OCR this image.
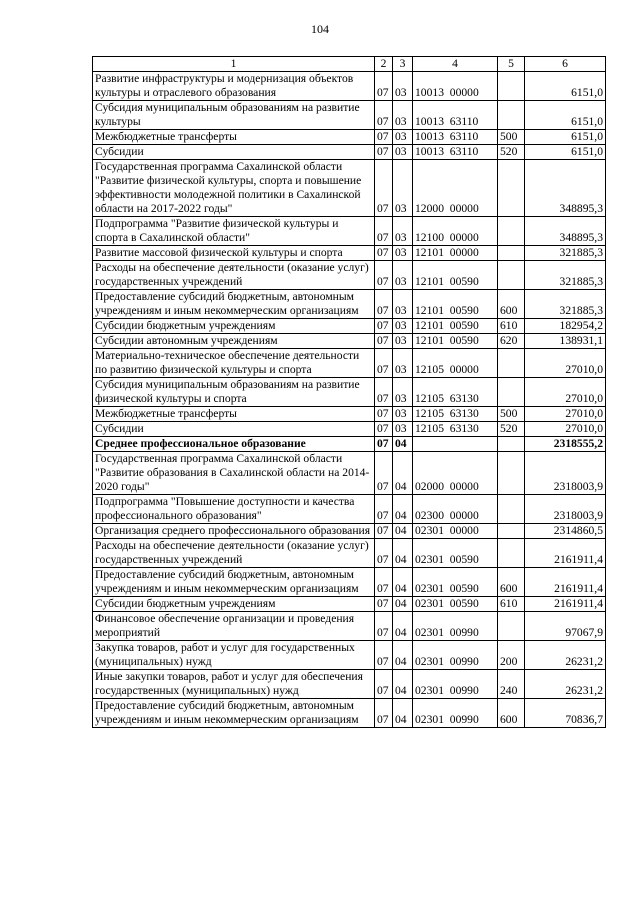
104
1	2	3	4	5	6
Развитие инфраструктуры и модернизация объектов культуры и отраслевого образования	07	03	10013  00000		6151,0
Субсидия муниципальным образованиям на развитие культуры	07	03	10013  63110		6151,0
Межбюджетные трансферты	07	03	10013  63110	500	6151,0
Субсидии	07	03	10013  63110	520	6151,0
Государственная программа Сахалинской области "Развитие физической культуры, спорта и повышение эффективности молодежной политики в Сахалинской области на 2017-2022 годы"	07	03	12000  00000		348895,3
Подпрограмма "Развитие физической культуры и спорта в Сахалинской области"	07	03	12100  00000		348895,3
Развитие массовой физической культуры и спорта	07	03	12101  00000		321885,3
Расходы на обеспечение деятельности (оказание услуг) государственных учреждений	07	03	12101  00590		321885,3
Предоставление субсидий бюджетным, автономным учреждениям и иным некоммерческим организациям	07	03	12101  00590	600	321885,3
Субсидии бюджетным учреждениям	07	03	12101  00590	610	182954,2
Субсидии автономным учреждениям	07	03	12101  00590	620	138931,1
Материально-техническое обеспечение деятельности по развитию физической культуры и спорта	07	03	12105  00000		27010,0
Субсидия муниципальным образованиям на развитие физической культуры и спорта	07	03	12105  63130		27010,0
Межбюджетные трансферты	07	03	12105  63130	500	27010,0
Субсидии	07	03	12105  63130	520	27010,0
Среднее профессиональное образование	07	04			2318555,2
Государственная программа Сахалинской области "Развитие образования в Сахалинской области на 2014-2020 годы"	07	04	02000  00000		2318003,9
Подпрограмма "Повышение доступности и качества профессионального образования"	07	04	02300  00000		2318003,9
Организация среднего профессионального образования	07	04	02301  00000		2314860,5
Расходы на обеспечение деятельности (оказание услуг) государственных учреждений	07	04	02301  00590		2161911,4
Предоставление субсидий бюджетным, автономным учреждениям и иным некоммерческим организациям	07	04	02301  00590	600	2161911,4
Субсидии бюджетным учреждениям	07	04	02301  00590	610	2161911,4
Финансовое обеспечение организации и проведения мероприятий	07	04	02301  00990		97067,9
Закупка товаров, работ и услуг для государственных (муниципальных) нужд	07	04	02301  00990	200	26231,2
Иные закупки товаров, работ и услуг для обеспечения государственных (муниципальных) нужд	07	04	02301  00990	240	26231,2
Предоставление субсидий бюджетным, автономным учреждениям и иным некоммерческим организациям	07	04	02301  00990	600	70836,7
